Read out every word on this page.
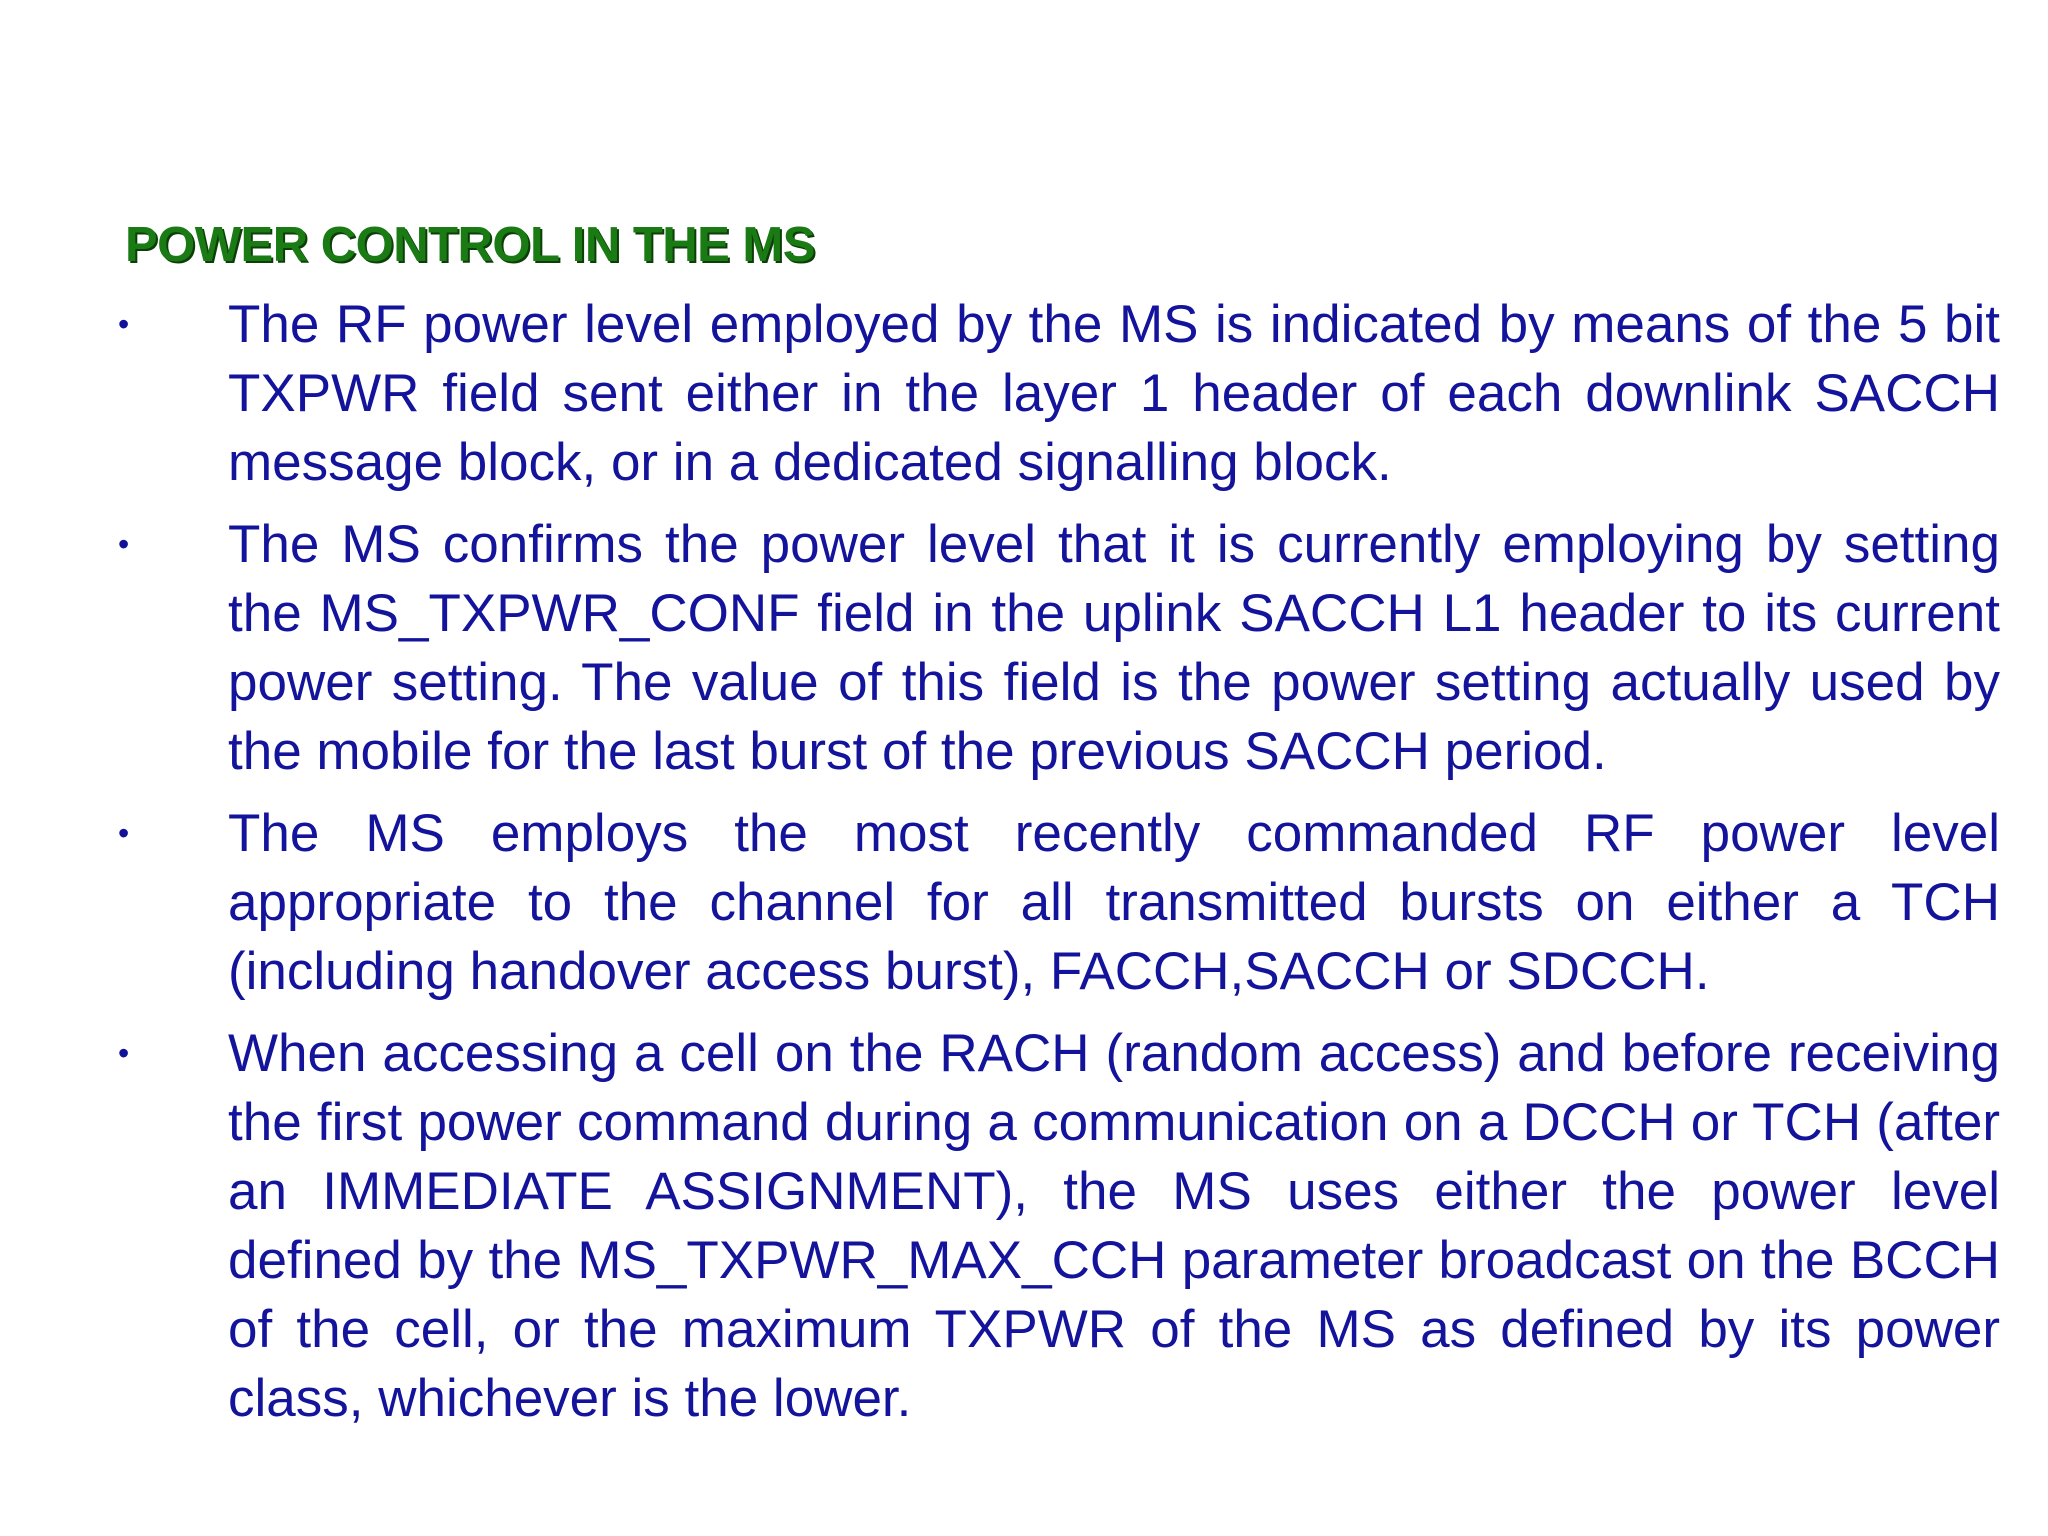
POWER CONTROL IN THE MS
•	The RF power level employed by the MS is indicated by means of the 5 bit TXPWR field sent either in the layer 1 header of each downlink SACCH message block, or in a dedicated signalling block.

•	The MS confirms the power level that it is currently employing by setting the MS_TXPWR_CONF field in the uplink SACCH L1 header to its current power setting. The value of this field is the power setting actually used by the mobile for the last burst of the previous SACCH period.

•	The MS employs the most recently commanded RF power level appropriate to the channel for all transmitted bursts on either a TCH (including handover access burst), FACCH,SACCH or SDCCH.

•	When accessing a cell on the RACH (random access) and before receiving the first power command during a communication on a DCCH or TCH (after an IMMEDIATE ASSIGNMENT), the MS uses either the power level defined by the MS_TXPWR_MAX_CCH parameter broadcast on the BCCH of the cell, or the maximum TXPWR of the MS as defined by its power class, whichever is the lower.
